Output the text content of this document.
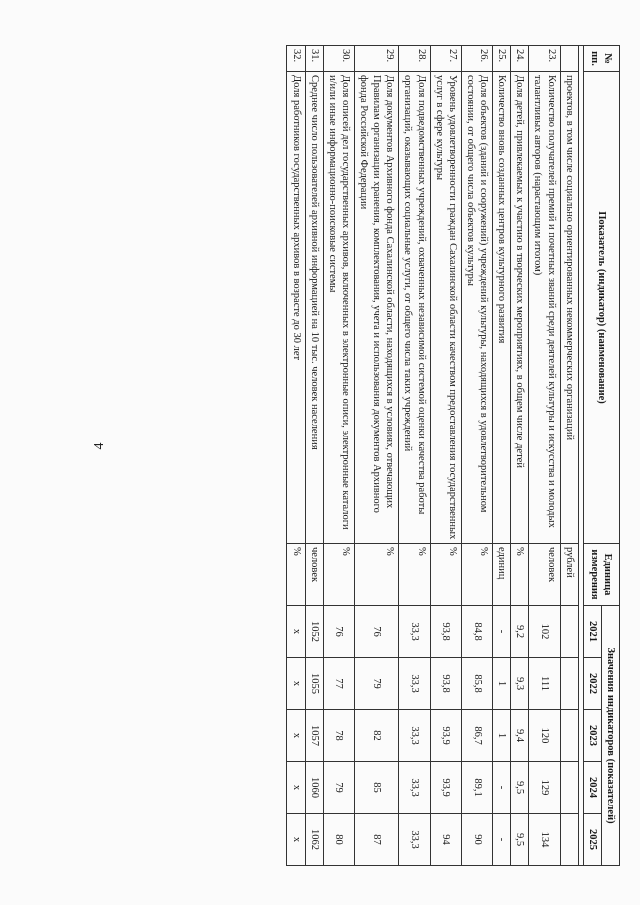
4
№ пп.	Показатель (индикатор) (наименование)	Единица измерения	Значения индикаторов (показателей)				
			2021	2022	2023	2024	2025

	проектов, в том числе социально ориентированных некоммерческих организаций	рублей					
23.	Количество получателей премий и почетных званий среди деятелей культуры и искусства и молодых талантливых авторов (нарастающим итогом)	человек	102	111	120	129	134
24.	Доля детей, привлекаемых к участию в творческих мероприятиях, в общем числе детей	%	9,2	9,3	9,4	9,5	9,5
25.	Количество вновь созданных центров культурного развития	единиц	-	1	1	-	-
26.	Доля объектов (зданий и сооружений) учреждений культуры, находящихся в удовлетворительном состоянии, от общего числа объектов культуры	%	84,8	85,8	86,7	89,1	90
27.	Уровень удовлетворенности граждан Сахалинской области качеством предоставления государственных услуг в сфере культуры	%	93,8	93,8	93,9	93,9	94
28.	Доля подведомственных учреждений, охваченных независимой системой оценки качества работы организаций, оказывающих социальные услуги, от общего числа таких учреждений	%	33,3	33,3	33,3	33,3	33,3
29.	Доля документов Архивного фонда Сахалинской области, находящихся в условиях, отвечающих Правилам организации хранения, комплектования, учета и использования документов Архивного фонда Российской Федерации	%	76	79	82	85	87
30.	Доля описей дел государственных архивов, включенных в электронные описи, электронные каталоги и/или иные информационно-поисковые системы	%	76	77	78	79	80
31.	Среднее число пользователей архивной информацией на 10 тыс. человек населения	человек	1052	1055	1057	1060	1062
32.	Доля работников государственных архивов в возрасте до 30 лет	%	x	x	x	x	x
